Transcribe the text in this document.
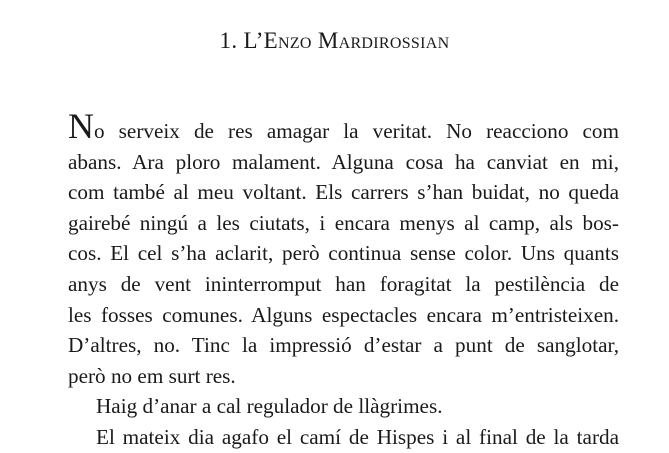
1. L’Enzo Mardirossian
No serveix de res amagar la veritat. No reacciono com
abans. Ara ploro malament. Alguna cosa ha canviat en mi,
com també al meu voltant. Els carrers s’han buidat, no queda
gairebé ningú a les ciutats, i encara menys al camp, als bos-
cos. El cel s’ha aclarit, però continua sense color. Uns quants
anys de vent ininterromput han foragitat la pestilència de
les fosses comunes. Alguns espectacles encara m’entristeixen.
D’altres, no. Tinc la impressió d’estar a punt de sanglotar,
però no em surt res.
Haig d’anar a cal regulador de llàgrimes.
El mateix dia agafo el camí de Hispes i al final de la tarda
